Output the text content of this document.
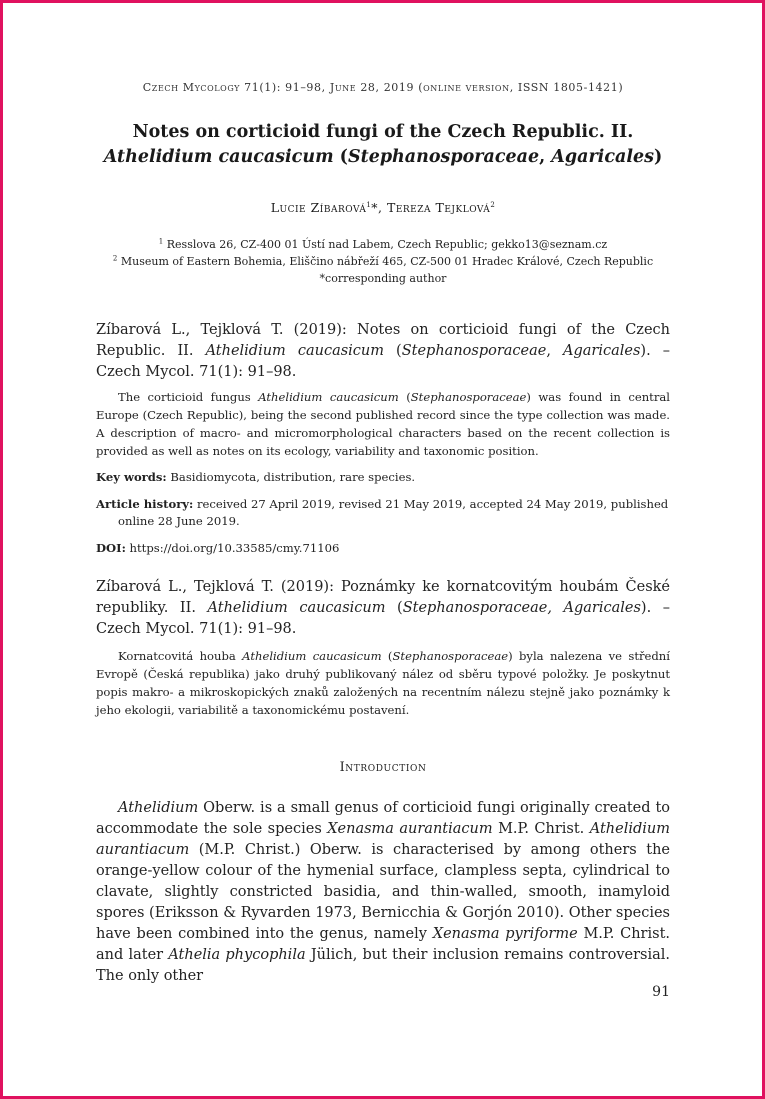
Czech Mycology 71(1): 91–98, June 28, 2019 (online version, ISSN 1805-1421)
Notes on corticioid fungi of the Czech Republic. II.
Athelidium caucasicum (Stephanosporaceae, Agaricales)
Lucie Zíbarová$^1$*, Tereza Tejklová$^2$
$^1$ Resslova 26, CZ-400 01 Ústí nad Labem, Czech Republic; gekko13@seznam.cz
$^2$ Museum of Eastern Bohemia, Eliščino nábřeží 465, CZ-500 01 Hradec Králové, Czech Republic
*corresponding author
Zíbarová L., Tejklová T. (2019): Notes on corticioid fungi of the Czech Republic. II. Athelidium caucasicum (Stephanosporaceae, Agaricales). – Czech Mycol. 71(1): 91–98.
The corticioid fungus Athelidium caucasicum (Stephanosporaceae) was found in central Europe (Czech Republic), being the second published record since the type collection was made. A description of macro- and micromorphological characters based on the recent collection is provided as well as notes on its ecology, variability and taxonomic position.
Key words: Basidiomycota, distribution, rare species.
Article history: received 27 April 2019, revised 21 May 2019, accepted 24 May 2019, published online 28 June 2019.
DOI: https://doi.org/10.33585/cmy.71106
Zíbarová L., Tejklová T. (2019): Poznámky ke kornatcovitým houbám České republiky. II. Athelidium caucasicum (Stephanosporaceae, Agaricales). – Czech Mycol. 71(1): 91–98.
Kornatcovitá houba Athelidium caucasicum (Stephanosporaceae) byla nalezena ve střední Evropě (Česká republika) jako druhý publikovaný nález od sběru typové položky. Je poskytnut popis makro- a mikroskopických znaků založených na recentním nálezu stejně jako poznámky k jeho ekologii, variabilitě a taxonomickému postavení.
Introduction
Athelidium Oberw. is a small genus of corticioid fungi originally created to accommodate the sole species Xenasma aurantiacum M.P. Christ. Athelidium aurantiacum (M.P. Christ.) Oberw. is characterised by among others the orange-yellow colour of the hymenial surface, clampless septa, cylindrical to clavate, slightly constricted basidia, and thin-walled, smooth, inamyloid spores (Eriksson & Ryvarden 1973, Bernicchia & Gorjón 2010). Other species have been combined into the genus, namely Xenasma pyriforme M.P. Christ. and later Athelia phycophila Jülich, but their inclusion remains controversial. The only other
91
